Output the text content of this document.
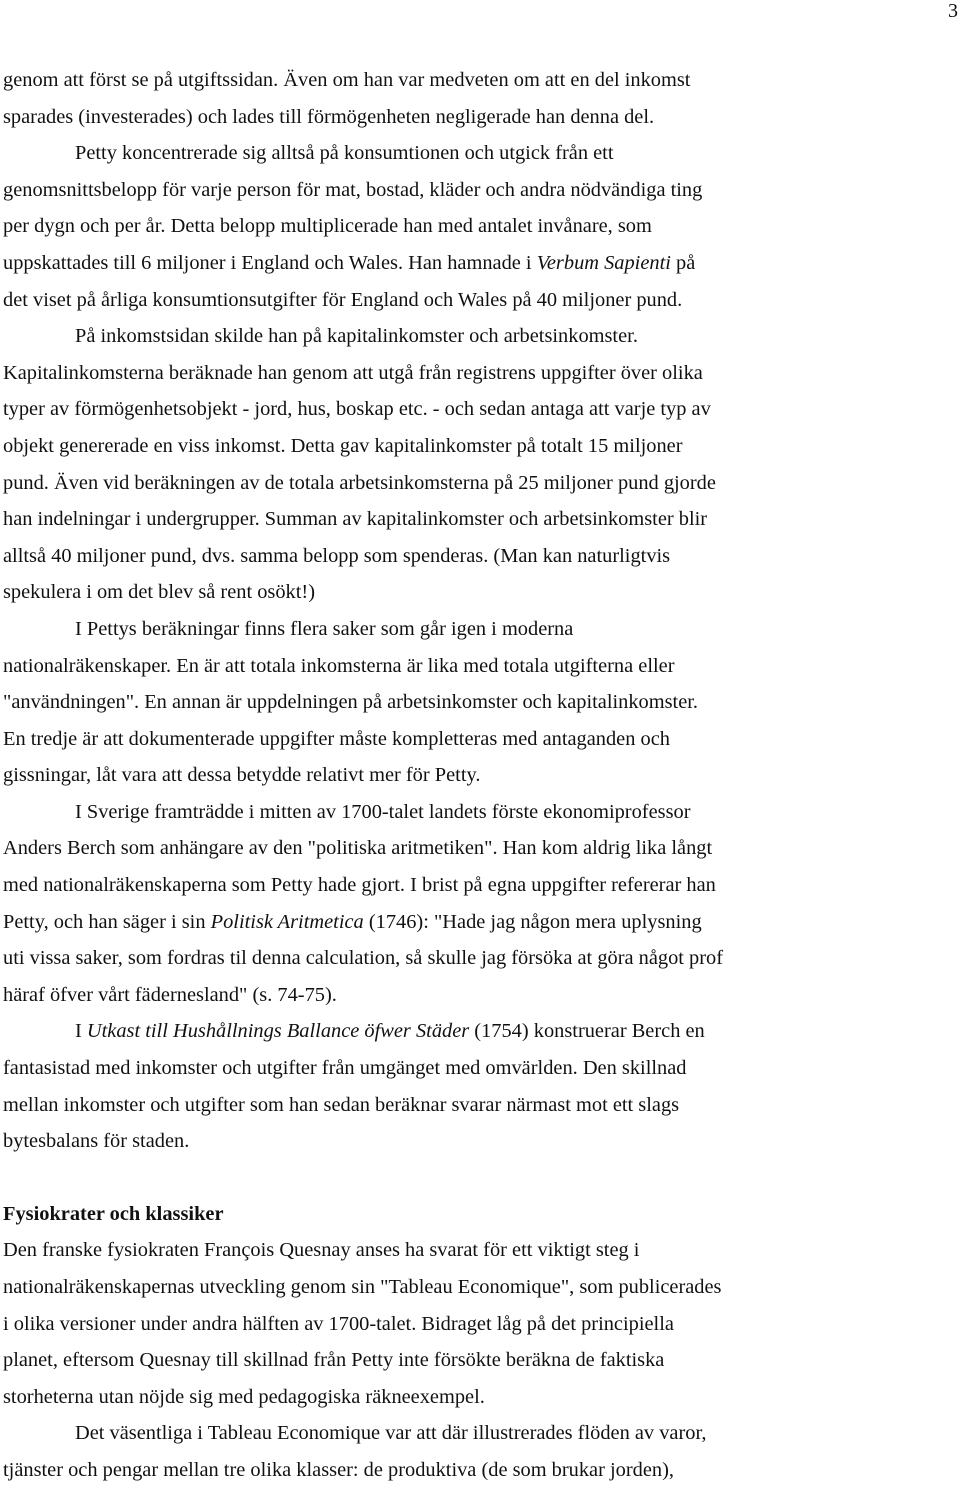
3
genom att först se på utgiftssidan. Även om han var medveten om att en del inkomst
sparades (investerades) och lades till förmögenheten negligerade han denna del.
Petty koncentrerade sig alltså på konsumtionen och utgick från ett
genomsnittsbelopp för varje person för mat, bostad, kläder och andra nödvändiga ting
per dygn och per år. Detta belopp multiplicerade han med antalet invånare, som
uppskattades till 6 miljoner i England och Wales. Han hamnade i Verbum Sapienti på
det viset på årliga konsumtionsutgifter för England och Wales på 40 miljoner pund.
På inkomstsidan skilde han på kapitalinkomster och arbetsinkomster.
Kapitalinkomsterna beräknade han genom att utgå från registrens uppgifter över olika
typer av förmögenhetsobjekt - jord, hus, boskap etc. - och sedan antaga att varje typ av
objekt genererade en viss inkomst. Detta gav kapitalinkomster på totalt 15 miljoner
pund. Även vid beräkningen av de totala arbetsinkomsterna på 25 miljoner pund gjorde
han indelningar i undergrupper. Summan av kapitalinkomster och arbetsinkomster blir
alltså 40 miljoner pund, dvs. samma belopp som spenderas. (Man kan naturligtvis
spekulera i om det blev så rent osökt!)
I Pettys beräkningar finns flera saker som går igen i moderna
nationalräkenskaper. En är att totala inkomsterna är lika med totala utgifterna eller
"användningen". En annan är uppdelningen på arbetsinkomster och kapitalinkomster.
En tredje är att dokumenterade uppgifter måste kompletteras med antaganden och
gissningar, låt vara att dessa betydde relativt mer för Petty.
I Sverige framträdde i mitten av 1700-talet landets förste ekonomiprofessor
Anders Berch som anhängare av den "politiska aritmetiken". Han kom aldrig lika långt
med nationalräkenskaperna som Petty hade gjort. I brist på egna uppgifter refererar han
Petty, och han säger i sin Politisk Aritmetica (1746): "Hade jag någon mera uplysning
uti vissa saker, som fordras til denna calculation, så skulle jag försöka at göra något prof
häraf öfver vårt fädernesland" (s. 74-75).
I Utkast till Hushållnings Ballance öfwer Städer (1754) konstruerar Berch en
fantasistad med inkomster och utgifter från umgänget med omvärlden. Den skillnad
mellan inkomster och utgifter som han sedan beräknar svarar närmast mot ett slags
bytesbalans för staden.
Fysiokrater och klassiker
Den franske fysiokraten François Quesnay anses ha svarat för ett viktigt steg i
nationalräkenskapernas utveckling genom sin "Tableau Economique", som publicerades
i olika versioner under andra hälften av 1700-talet. Bidraget låg på det principiella
planet, eftersom Quesnay till skillnad från Petty inte försökte beräkna de faktiska
storheterna utan nöjde sig med pedagogiska räkneexempel.
Det väsentliga i Tableau Economique var att där illustrerades flöden av varor,
tjänster och pengar mellan tre olika klasser: de produktiva (de som brukar jorden),
